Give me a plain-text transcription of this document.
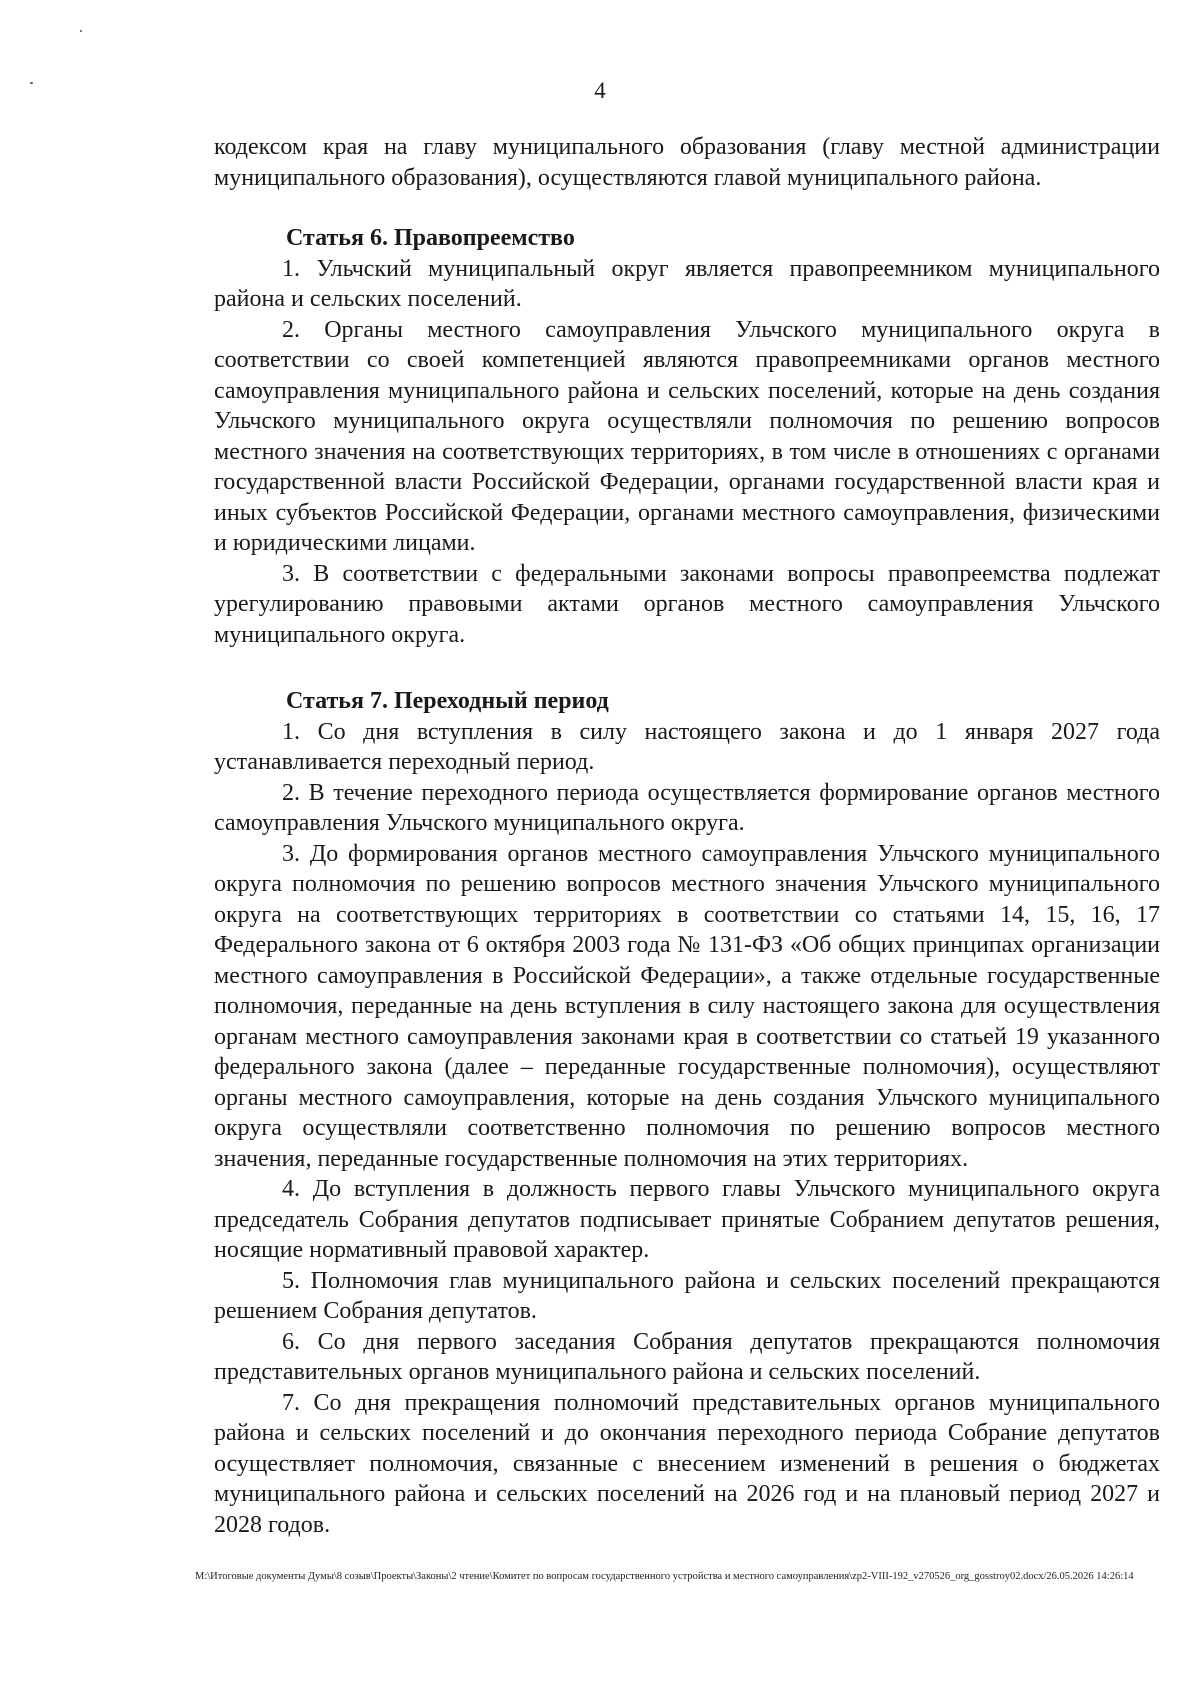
4

кодексом края на главу муниципального образования (главу местной администрации муниципального образования), осуществляются главой муниципального района.

Статья 6. Правопреемство

1. Ульчский муниципальный округ является правопреемником муниципального района и сельских поселений.

2. Органы местного самоуправления Ульчского муниципального округа в соответствии со своей компетенцией являются правопреемниками органов местного самоуправления муниципального района и сельских поселений, которые на день создания Ульчского муниципального округа осуществляли полномочия по решению вопросов местного значения на соответствующих территориях, в том числе в отношениях с органами государственной власти Российской Федерации, органами государственной власти края и иных субъектов Российской Федерации, органами местного самоуправления, физическими и юридическими лицами.

3. В соответствии с федеральными законами вопросы правопреемства подлежат урегулированию правовыми актами органов местного самоуправления Ульчского муниципального округа.

Статья 7. Переходный период

1. Со дня вступления в силу настоящего закона и до 1 января 2027 года устанавливается переходный период.

2. В течение переходного периода осуществляется формирование органов местного самоуправления Ульчского муниципального округа.

3. До формирования органов местного самоуправления Ульчского муниципального округа полномочия по решению вопросов местного значения Ульчского муниципального округа на соответствующих территориях в соответствии со статьями 14, 15, 16, 17 Федерального закона от 6 октября 2003 года № 131-ФЗ «Об общих принципах организации местного самоуправления в Российской Федерации», а также отдельные государственные полномочия, переданные на день вступления в силу настоящего закона для осуществления органам местного самоуправления законами края в соответствии со статьей 19 указанного федерального закона (далее – переданные государственные полномочия), осуществляют органы местного самоуправления, которые на день создания Ульчского муниципального округа осуществляли соответственно полномочия по решению вопросов местного значения, переданные государственные полномочия на этих территориях.

4. До вступления в должность первого главы Ульчского муниципального округа председатель Собрания депутатов подписывает принятые Собранием депутатов решения, носящие нормативный правовой характер.

5. Полномочия глав муниципального района и сельских поселений прекращаются решением Собрания депутатов.

6. Со дня первого заседания Собрания депутатов прекращаются полномочия представительных органов муниципального района и сельских поселений.

7. Со дня прекращения полномочий представительных органов муниципального района и сельских поселений и до окончания переходного периода Собрание депутатов осуществляет полномочия, связанные с внесением изменений в решения о бюджетах муниципального района и сельских поселений на 2026 год и на плановый период 2027 и 2028 годов.

M:\Итоговые документы Думы\8 созыв\Проекты\Законы\2 чтение\Комитет по вопросам государственного устройства и местного самоуправления\zp2-VIII-192_v270526_org_gosstroy02.docx/26.05.2026 14:26:14
